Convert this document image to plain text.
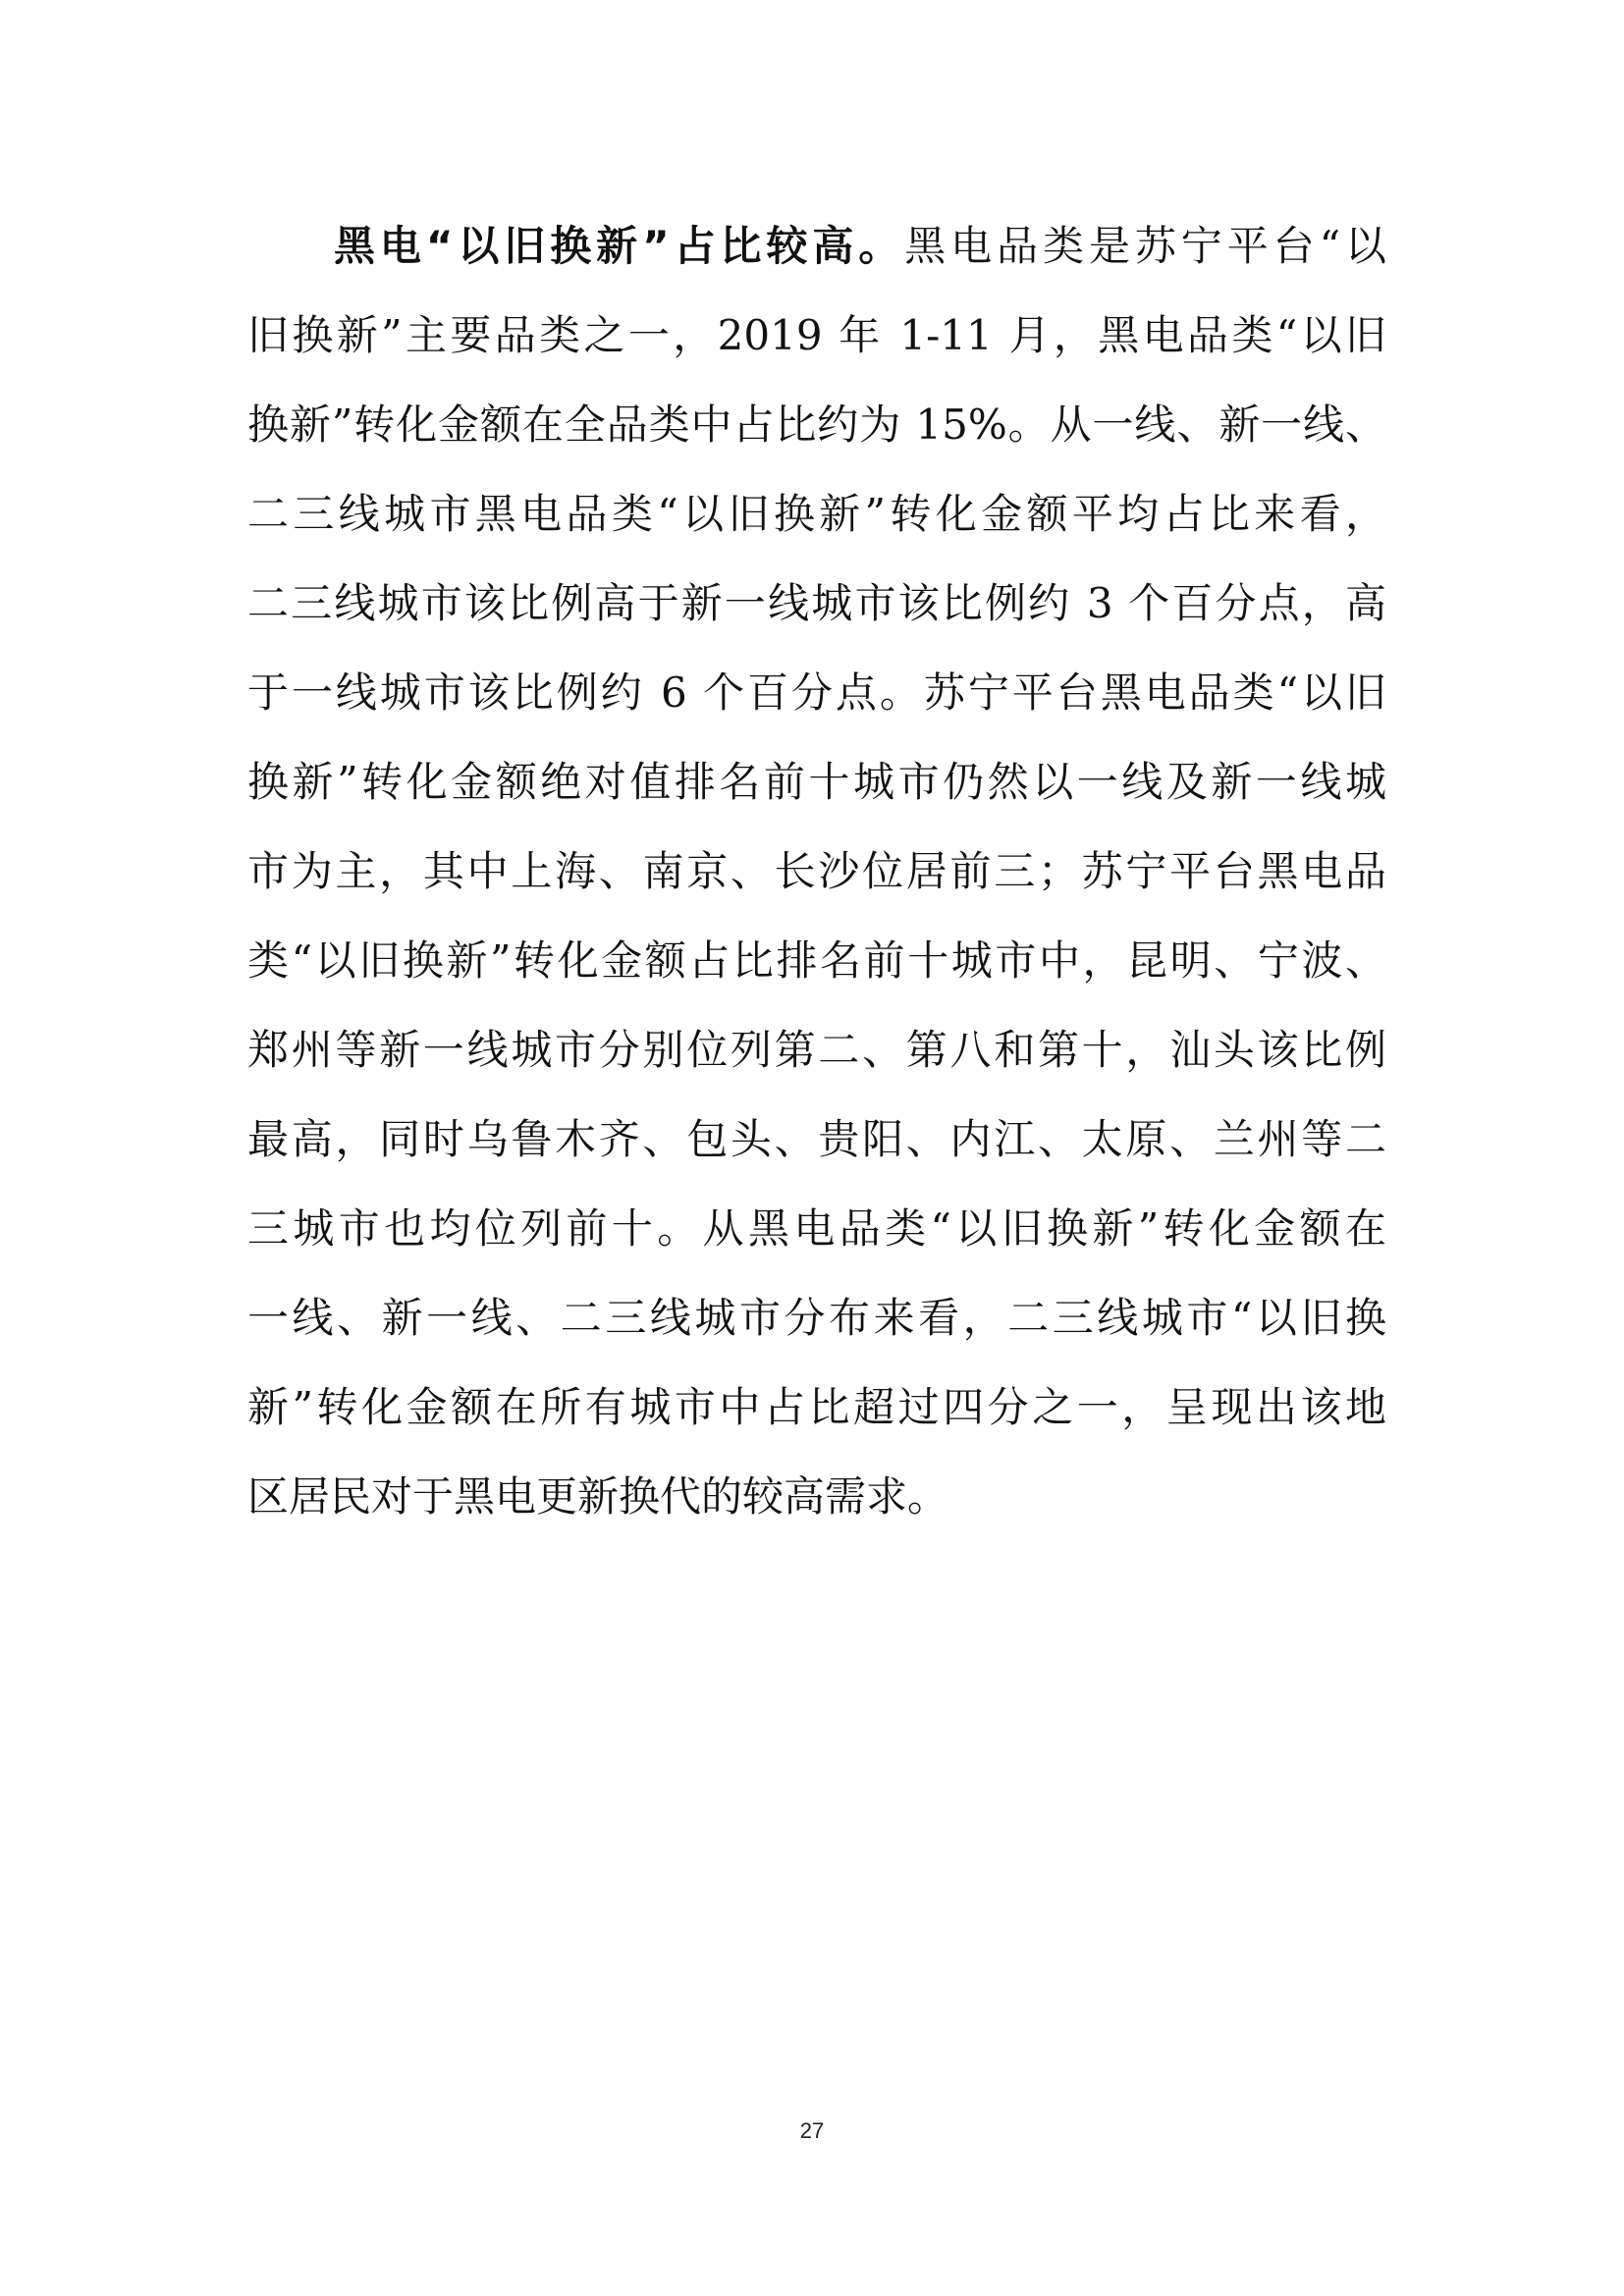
黑电“以旧换新”占比较高。黑电品类是苏宁平台“以
旧换新”主要品类之一，2019 年 1-11 月，黑电品类“以旧
换新”转化金额在全品类中占比约为 15%。从一线、新一线、
二三线城市黑电品类“以旧换新”转化金额平均占比来看，
二三线城市该比例高于新一线城市该比例约 3 个百分点，高
于一线城市该比例约 6 个百分点。苏宁平台黑电品类“以旧
换新”转化金额绝对值排名前十城市仍然以一线及新一线城
市为主，其中上海、南京、长沙位居前三；苏宁平台黑电品
类“以旧换新”转化金额占比排名前十城市中，昆明、宁波、
郑州等新一线城市分别位列第二、第八和第十，汕头该比例
最高，同时乌鲁木齐、包头、贵阳、内江、太原、兰州等二
三城市也均位列前十。从黑电品类“以旧换新”转化金额在
一线、新一线、二三线城市分布来看，二三线城市“以旧换
新”转化金额在所有城市中占比超过四分之一，呈现出该地
区居民对于黑电更新换代的较高需求。
27
